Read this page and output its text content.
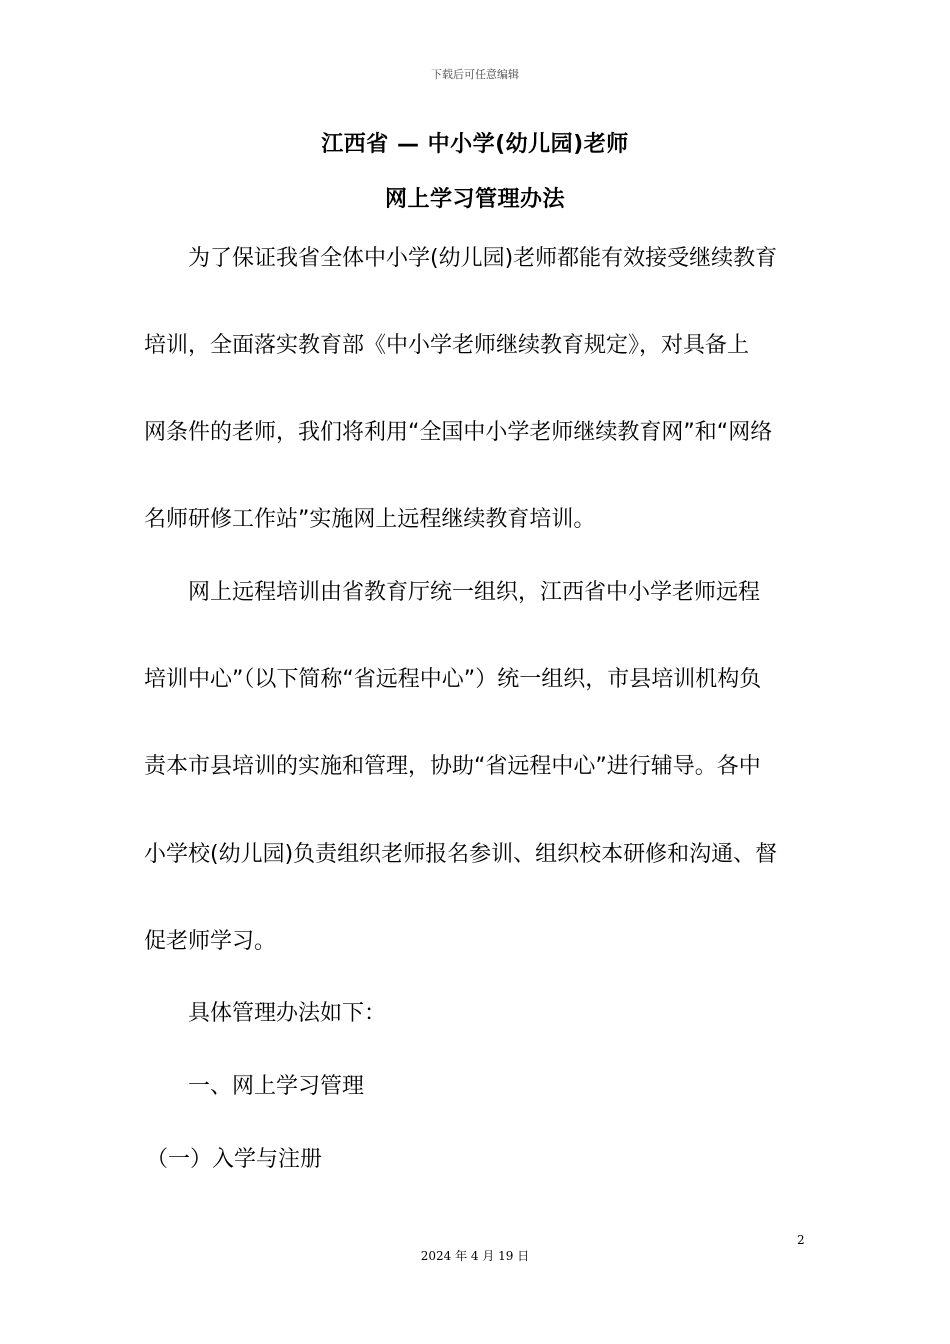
下载后可任意编辑
江西省 — 中小学(幼儿园)老师
网上学习管理办法
为了保证我省全体中小学(幼儿园)老师都能有效接受继续教育
培训，全面落实教育部《中小学老师继续教育规定》，对具备上
网条件的老师，我们将利用“全国中小学老师继续教育网”和“网络
名师研修工作站”实施网上远程继续教育培训。
网上远程培训由省教育厅统一组织，江西省中小学老师远程
培训中心”（以下简称“省远程中心”）统一组织，市县培训机构负
责本市县培训的实施和管理，协助“省远程中心”进行辅导。各中
小学校(幼儿园)负责组织老师报名参训、组织校本研修和沟通、督
促老师学习。
具体管理办法如下：
一、网上学习管理
（一）入学与注册
2
2024 年 4 月 19 日
